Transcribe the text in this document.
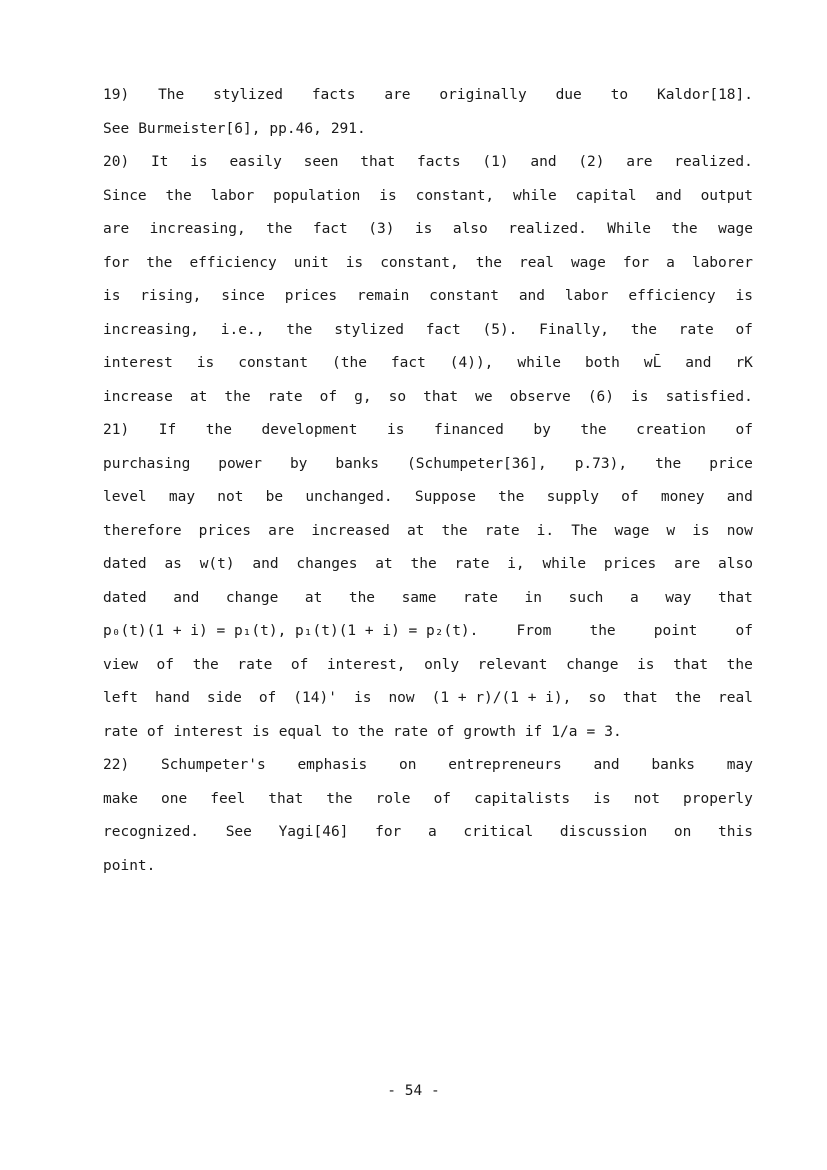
19) The stylized facts are originally due to Kaldor[18].
See Burmeister[6], pp.46, 291.
20) It is easily seen that facts (1) and (2) are realized.
Since the labor population is constant, while capital and output
are increasing, the fact (3) is also realized. While the wage
for the efficiency unit is constant, the real wage for a laborer
is rising, since prices remain constant and labor efficiency is
increasing, i.e., the stylized fact (5). Finally, the rate of
interest is constant (the fact (4)), while both wL̄ and rK
increase at the rate of g, so that we observe (6) is satisfied.
21) If the development is financed by the creation of
purchasing power by banks (Schumpeter[36], p.73), the price
level may not be unchanged. Suppose the supply of money and
therefore prices are increased at the rate i. The wage w is now
dated as w(t) and changes at the rate i, while prices are also
dated and change at the same rate in such a way that
p₀(t)(1 + i) = p₁(t), p₁(t)(1 + i) = p₂(t).	From	the	point	of
view of the rate of interest, only relevant change is that the
left hand side of (14)' is now (1 + r)/(1 + i), so that the real
rate of interest is equal to the rate of growth if 1/a = 3.
22) Schumpeter's emphasis on entrepreneurs and banks may
make one feel that the role of capitalists is not properly
recognized. See Yagi[46] for a critical discussion on this
point.
- 54 -
